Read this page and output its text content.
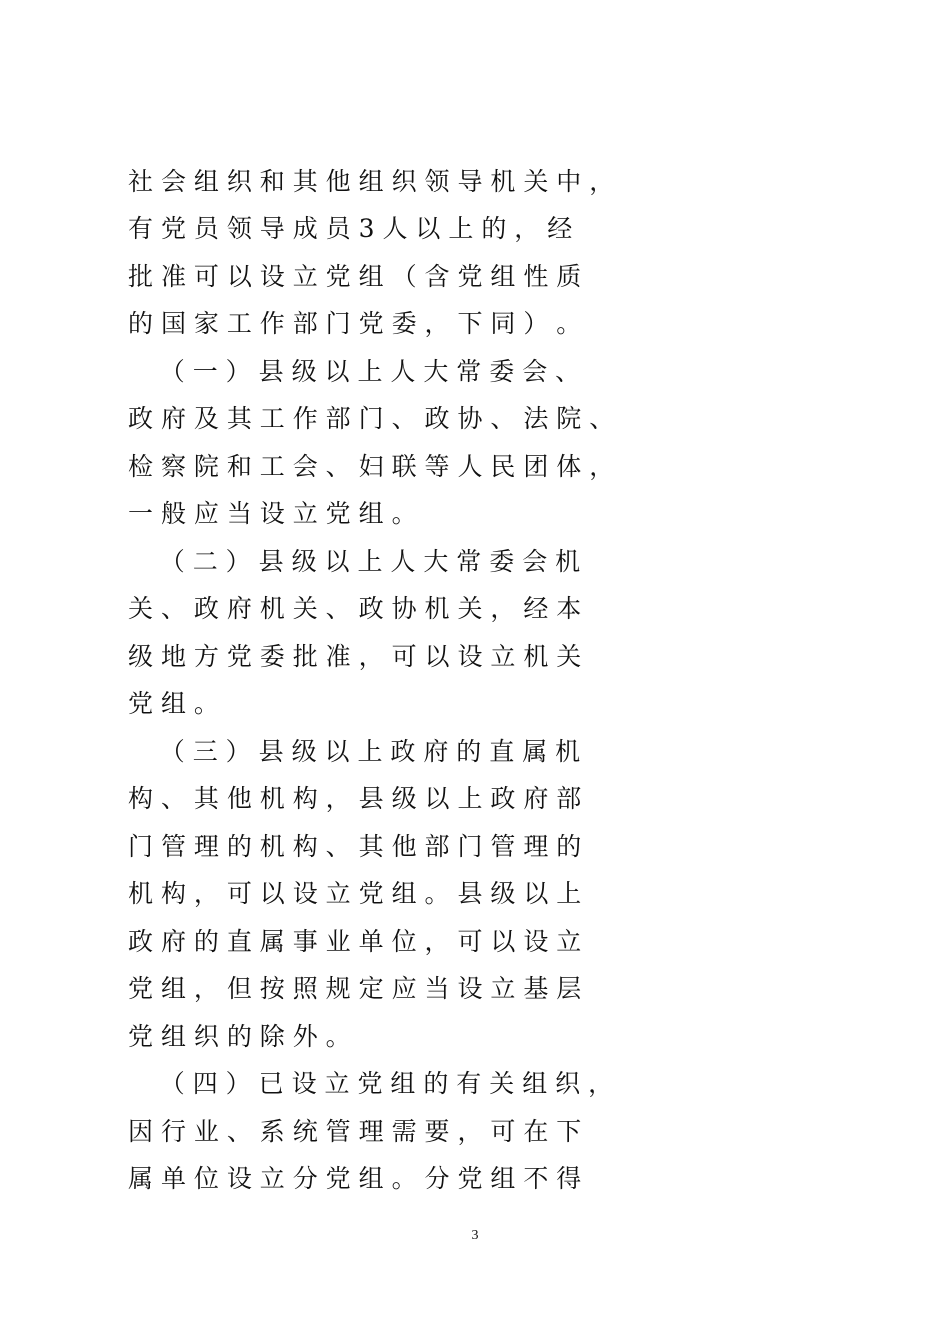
社 会 组 织 和 其 他 组 织 领 导 机 关 中 ，
有 党 员 领 导 成 员 3 人 以 上 的 ， 经
批 准 可 以 设 立 党 组 （ 含 党 组 性 质
的 国 家 工 作 部 门 党 委 ， 下 同 ） 。
（ 一 ） 县 级 以 上 人 大 常 委 会 、
政 府 及 其 工 作 部 门 、 政 协 、 法 院 、
检 察 院 和 工 会 、 妇 联 等 人 民 团 体 ，
一 般 应 当 设 立 党 组 。
（ 二 ） 县 级 以 上 人 大 常 委 会 机
关 、 政 府 机 关 、 政 协 机 关 ， 经 本
级 地 方 党 委 批 准 ， 可 以 设 立 机 关
党 组 。
（ 三 ） 县 级 以 上 政 府 的 直 属 机
构 、 其 他 机 构 ， 县 级 以 上 政 府 部
门 管 理 的 机 构 、 其 他 部 门 管 理 的
机 构 ， 可 以 设 立 党 组 。 县 级 以 上
政 府 的 直 属 事 业 单 位 ， 可 以 设 立
党 组 ， 但 按 照 规 定 应 当 设 立 基 层
党 组 织 的 除 外 。
（ 四 ） 已 设 立 党 组 的 有 关 组 织 ，
因 行 业 、 系 统 管 理 需 要 ， 可 在 下
属 单 位 设 立 分 党 组 。 分 党 组 不 得
3
